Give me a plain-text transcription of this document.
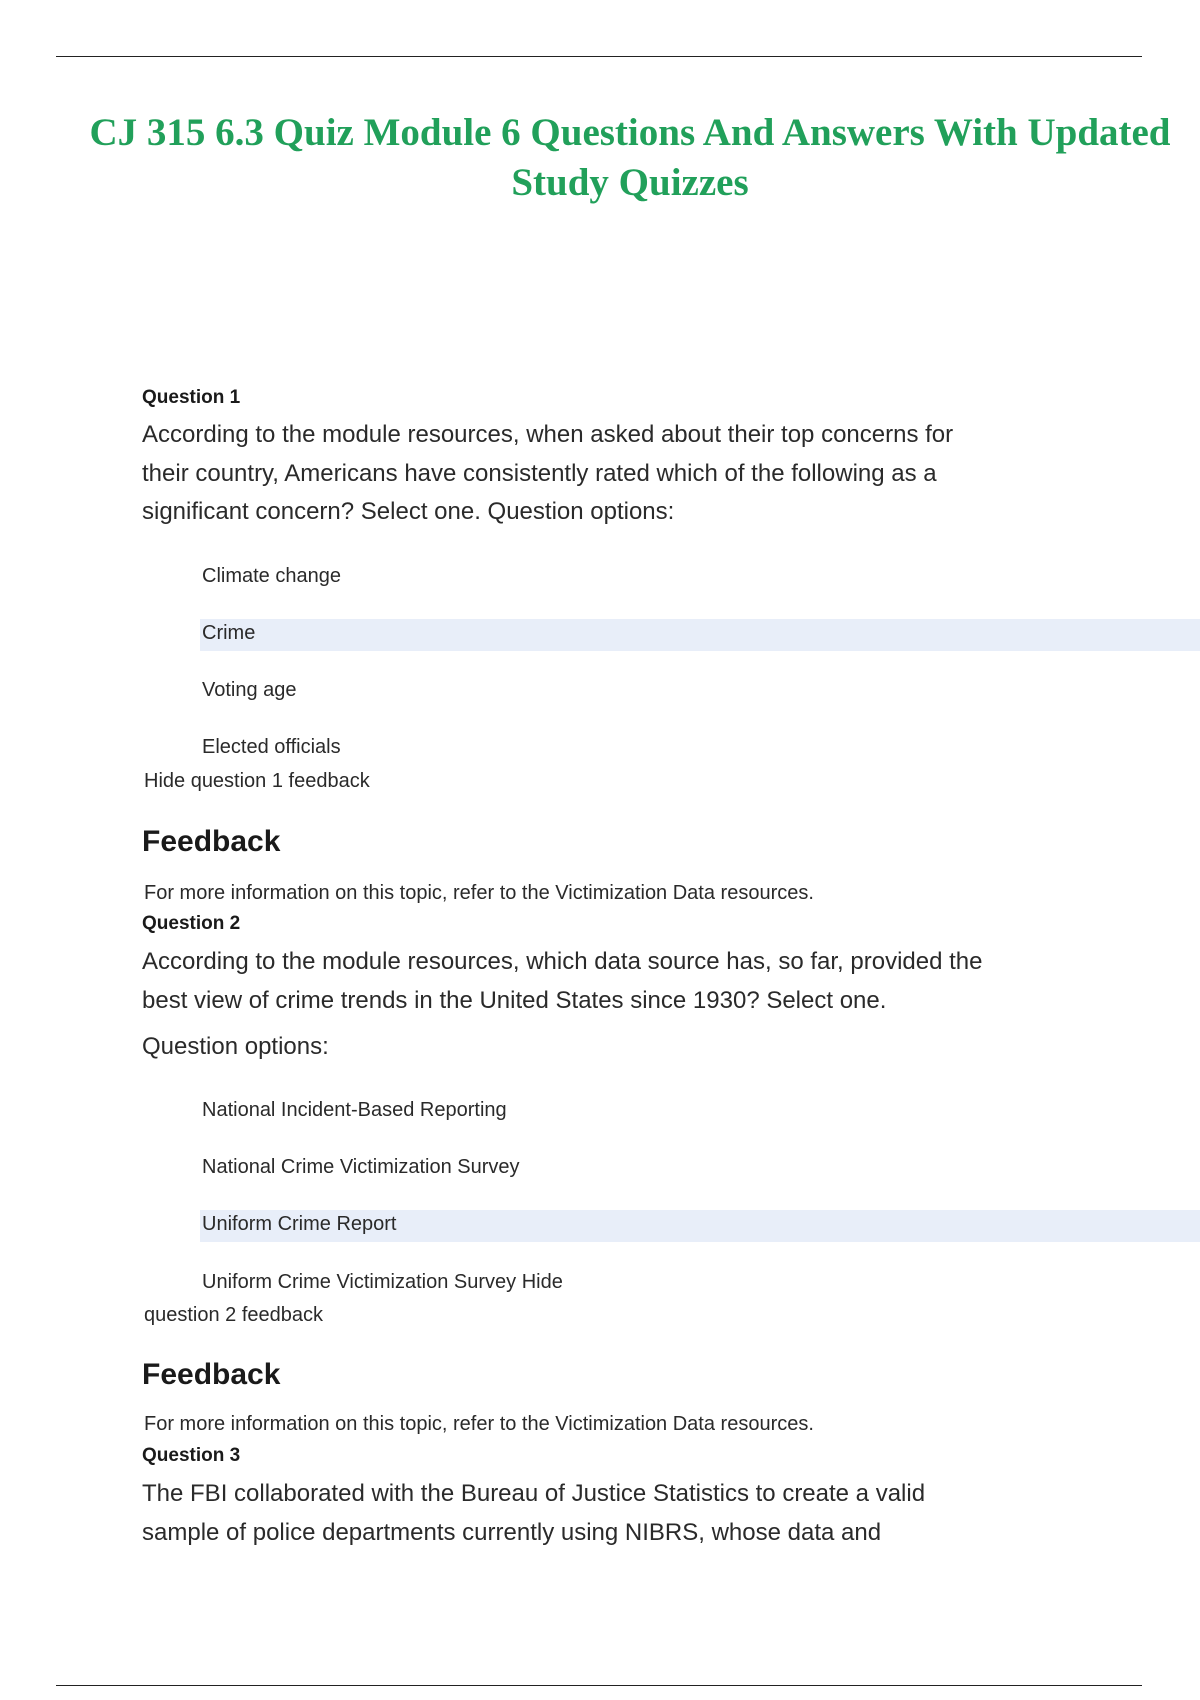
CJ 315 6.3 Quiz Module 6 Questions And Answers With Updated
Study Quizzes
Question 1
According to the module resources, when asked about their top concerns for
their country, Americans have consistently rated which of the following as a
significant concern? Select one. Question options:
Climate change
Crime
Voting age
Elected officials
Hide question 1 feedback
Feedback
For more information on this topic, refer to the Victimization Data resources.
Question 2
According to the module resources, which data source has, so far, provided the
best view of crime trends in the United States since 1930? Select one.
Question options:
National Incident-Based Reporting
National Crime Victimization Survey
Uniform Crime Report
Uniform Crime Victimization Survey Hide
question 2 feedback
Feedback
For more information on this topic, refer to the Victimization Data resources.
Question 3
The FBI collaborated with the Bureau of Justice Statistics to create a valid
sample of police departments currently using NIBRS, whose data and
